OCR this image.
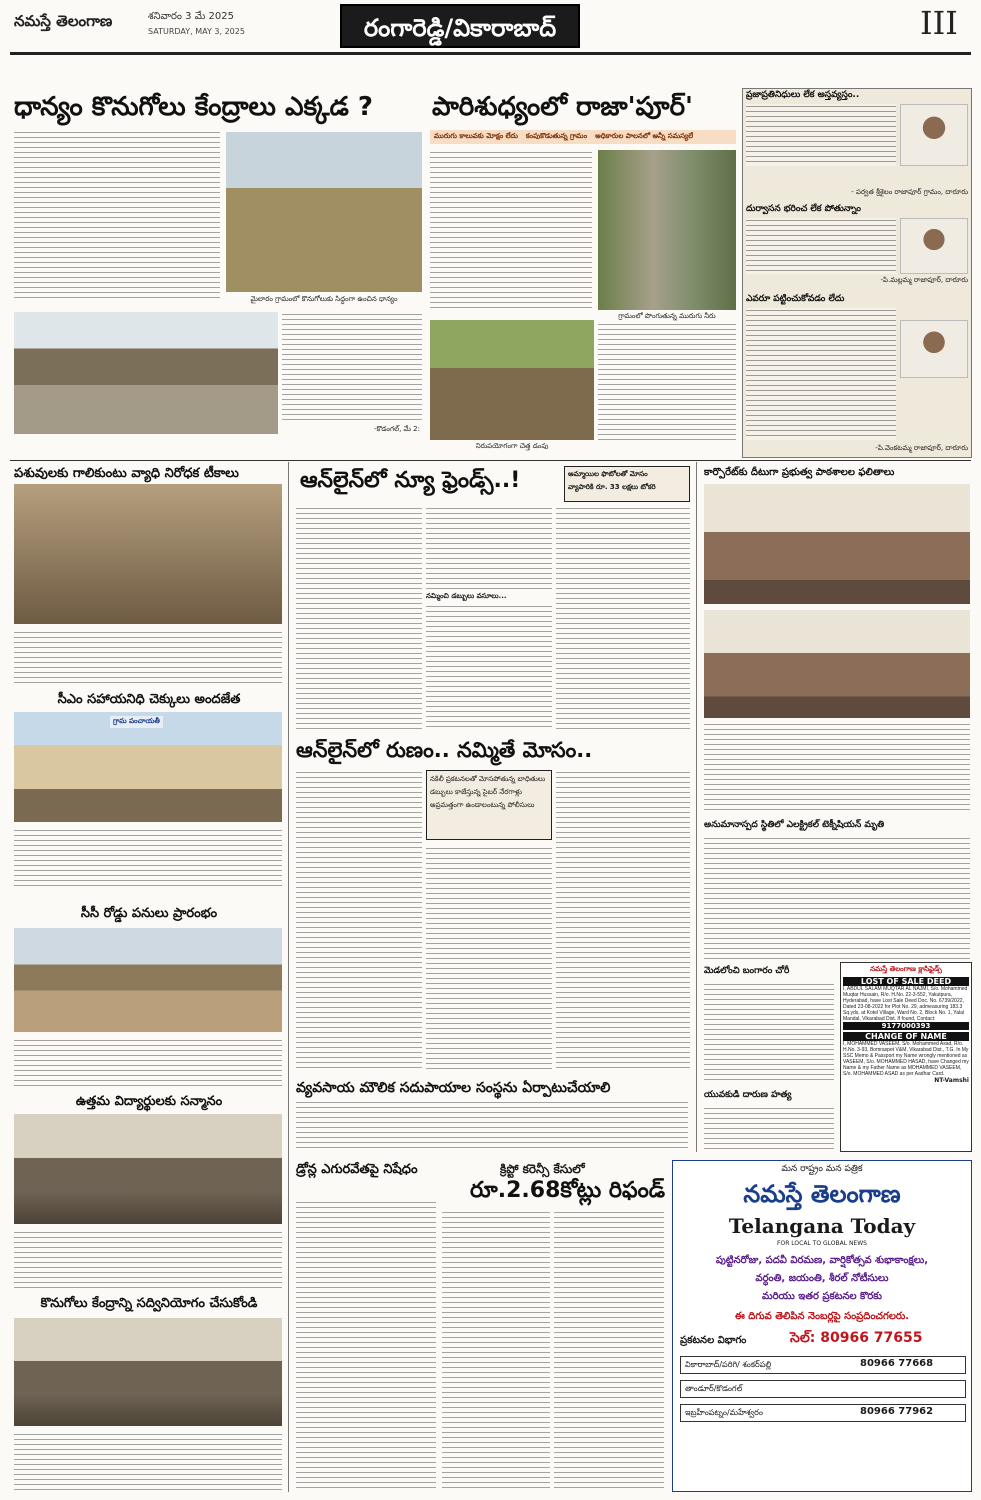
నమస్తే తెలంగాణ	శనివారం 3 మే 2025
SATURDAY, MAY 3, 2025	రంగారెడ్డి/వికారాబాద్	III
ధాన్యం కొనుగోలు కేంద్రాలు ఎక్కడ ?
మైలారం గ్రామంలో కొనుగోలుకు సిద్ధంగా ఉంచిన ధాన్యం
-కొడంగల్, మే 2:
పారిశుధ్యంలో రాజా'పూర్'
మురుగు కాలువకు మోక్షం లేదు కంపుకొడుతున్న గ్రామం అధికారుల పాలనలో అన్నీ సమస్యలే
గ్రామంలో పొంగుతున్న మురుగు నీరు
నిరుపయోగంగా చెత్త డంపు
ప్రజాప్రతినిధులు లేక అస్తవ్యస్తం..
- పర్వత శ్రీశైలం రాజాపూర్ గ్రామం, దారూరు
దుర్వాసన భరించ లేక పోతున్నాం
-పి.మల్లమ్మ రాజాపూర్, దారూరు
ఎవరూ పట్టించుకోవడం లేదు
-పి.వెంకటమ్మ రాజాపూర్, దారూరు
పశువులకు గాలికుంటు వ్యాధి నిరోధక టీకాలు
సీఎం సహాయనిధి చెక్కులు అందజేత
గ్రామ పంచాయతీ
సీసీ రోడ్డు పనులు ప్రారంభం
ఉత్తమ విద్యార్థులకు సన్మానం
కొనుగోలు కేంద్రాన్ని సద్వినియోగం చేసుకోండి
ఆన్‌లైన్‌లో న్యూ ఫ్రెండ్స్..!	అమ్మాయిల ఫొటోలతో మోసం
వ్యాపారికి రూ. 33 లక్షలు టోకరి
నమ్మించి డబ్బులు వసూలు...
ఆన్‌లైన్‌లో రుణం.. నమ్మితే మోసం..
నకిలీ ప్రకటనలతో మోసపోతున్న బాధితులు
డబ్బులు కాజేస్తున్న సైబర్ నేరగాళ్లు
అప్రమత్తంగా ఉండాలంటున్న పోలీసులు
వ్యవసాయ మౌలిక సదుపాయాల సంస్థను ఏర్పాటుచేయాలి
డ్రోన్ల ఎగురవేతపై నిషేధం	క్రిప్టో కరెన్సీ కేసులో
రూ.2.68కోట్లు రిఫండ్
కార్పొరేట్‌కు దీటుగా ప్రభుత్వ పాఠశాలల ఫలితాలు
అనుమానాస్పద స్థితిలో ఎలక్ట్రికల్ టెక్నీషియన్ మృతి
మెడలోంచి బంగారం చోరీ	నమస్తే తెలంగాణ క్లాసిఫైడ్స్
LOST OF SALE DEED
I, ABDUL SALAM MUQTAR AL NAJMI, S/o. Mohammed Muqtar Hussain, R/o. H.No. 22-3-552, Yakutpura, Hyderabad, have Lost Sale Deed Doc. No. 6739/2022, Dated 23-08-2022 for Plot No. 29, admeasuring 183.3 Sq.yds, at Kotel Village, Ward No. 2, Block No. 1, Yalal Mandal, Vikarabad Dist. If found, Contact:
9177000393
CHANGE OF NAME
I, MOHAMMED VASEEM, S/o. Mohammed Asad, R/o. H.No. 3-93, Bomraspet V&M, Vikarabad Dist., T.G. In My SSC Memo & Passport my Name wrongly mentioned as VASEEM, S/o. MOHAMMED HASAD, have Changed my Name & my Father Name as MOHAMMED VASEEM, S/o. MOHAMMED ASAD as per Aadhar Card.
NT-Vamshi
యువకుడి దారుణ హత్య
మన రాష్ట్రం మన పత్రిక
నమస్తే తెలంగాణ
Telangana Today
FOR LOCAL TO GLOBAL NEWS
పుట్టినరోజు, పదవీ విరమణ, వార్షికోత్సవ శుభాకాంక్షలు,
వర్ధంతి, జయంతి, శీరల్ నోటీసులు
మరియు ఇతర ప్రకటనల కొరకు
ఈ దిగువ తెలిపిన నెంబర్లపై సంప్రదించగలరు.
ప్రకటనల విభాగం	సెల్: 80966 77655
వికారాబాద్/పరిగి/ శంకర్‌పల్లి	80966 77668
తాండూర్/కొడంగల్
ఇబ్రహీంపట్నం/మహేశ్వరం	80966 77962
